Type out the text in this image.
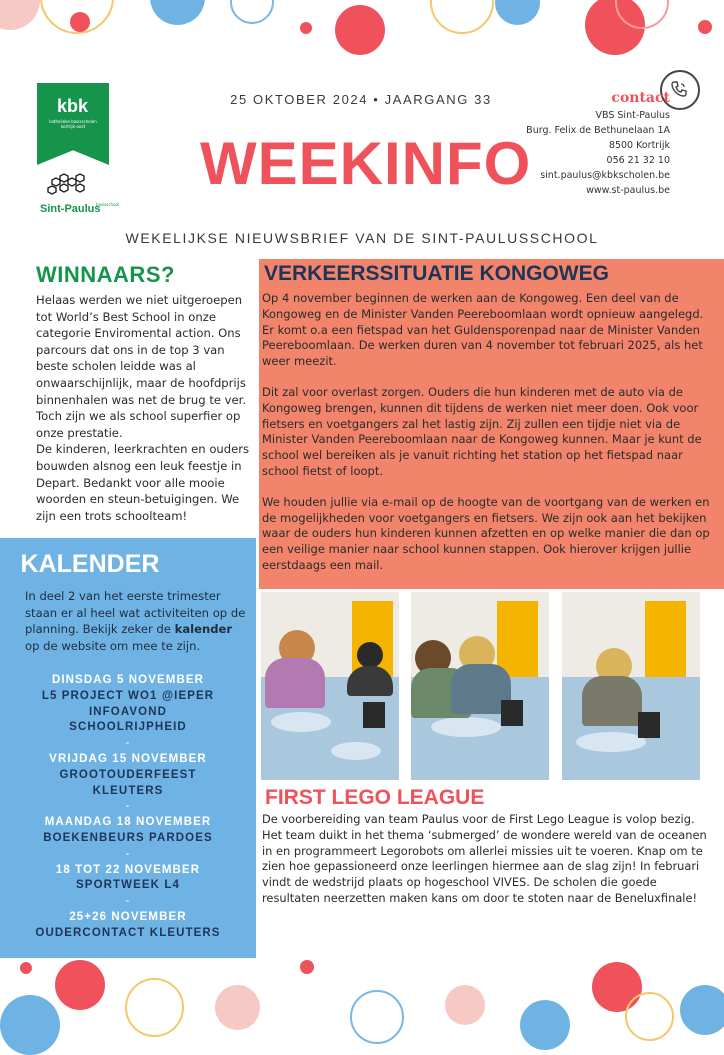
kbk
katholieke basisscholen kortrijk-oost
Sint-Paulus
basisschool
25 OKTOBER 2024 • JAARGANG 33
WEEKINFO
WEKELIJKSE NIEUWSBRIEF VAN DE SINT-PAULUSSCHOOL
contact
VBS Sint-Paulus
Burg. Felix de Bethunelaan 1A
8500 Kortrijk
056 21 32 10
sint.paulus@kbkscholen.be
www.st-paulus.be
WINNAARS?
Helaas werden we niet uitgeroepen tot World’s Best School in onze categorie Enviromental action. Ons parcours dat ons in de top 3 van beste scholen leidde was al onwaarschijnlijk, maar de hoofdprijs binnenhalen was net de brug te ver. Toch zijn we als school superfier op onze prestatie.
De kinderen, leerkrachten en ouders bouwden alsnog een leuk feestje in Depart. Bedankt voor alle mooie woorden en steun-betuigingen. We zijn een trots schoolteam!
VERKEERSSITUATIE KONGOWEG

Op 4 november beginnen de werken aan de Kongoweg. Een deel van de Kongoweg en de Minister Vanden Peereboomlaan wordt opnieuw aangelegd. Er komt o.a een fietspad van het Guldensporenpad naar de Minister Vanden Peereboomlaan. De werken duren van 4 november tot februari 2025, als het weer meezit.

Dit zal voor overlast zorgen. Ouders die hun kinderen met de auto via de Kongoweg brengen, kunnen dit tijdens de werken niet meer doen. Ook voor fietsers en voetgangers zal het lastig zijn. Zij zullen een tijdje niet via de Minister Vanden Peereboomlaan naar de Kongoweg kunnen. Maar je kunt de school wel bereiken als je vanuit richting het station op het fietspad naar school fietst of loopt.

We houden jullie via e-mail op de hoogte van de voortgang van de werken en de mogelijkheden voor voetgangers en fietsers. We zijn ook aan het bekijken waar de ouders hun kinderen kunnen afzetten en op welke manier die dan op een veilige manier naar school kunnen stappen. Ook hierover krijgen jullie eerstdaags een mail.

KALENDER
In deel 2 van het eerste trimester staan er al heel wat activiteiten op de planning. Bekijk zeker de kalender op de website om mee te zijn.
DINSDAG 5 NOVEMBER
L5 PROJECT WO1 @IEPER
INFOAVOND
SCHOOLRIJPHEID
-
VRIJDAG 15 NOVEMBER
GROOTOUDERFEEST
KLEUTERS
-
MAANDAG 18 NOVEMBER
BOEKENBEURS PARDOES
-
18 TOT 22 NOVEMBER
SPORTWEEK L4
-
25+26 NOVEMBER
OUDERCONTACT KLEUTERS
FIRST LEGO LEAGUE
De voorbereiding van team Paulus voor de First Lego League is volop bezig. Het team duikt in het thema ‘submerged’ de wondere wereld van de oceanen in en programmeert Legorobots om allerlei missies uit te voeren. Knap om te zien hoe gepassioneerd onze leerlingen hiermee aan de slag zijn! In februari vindt de wedstrijd plaats op hogeschool VIVES. De scholen die goede resultaten neerzetten maken kans om door te stoten naar de Beneluxfinale!
